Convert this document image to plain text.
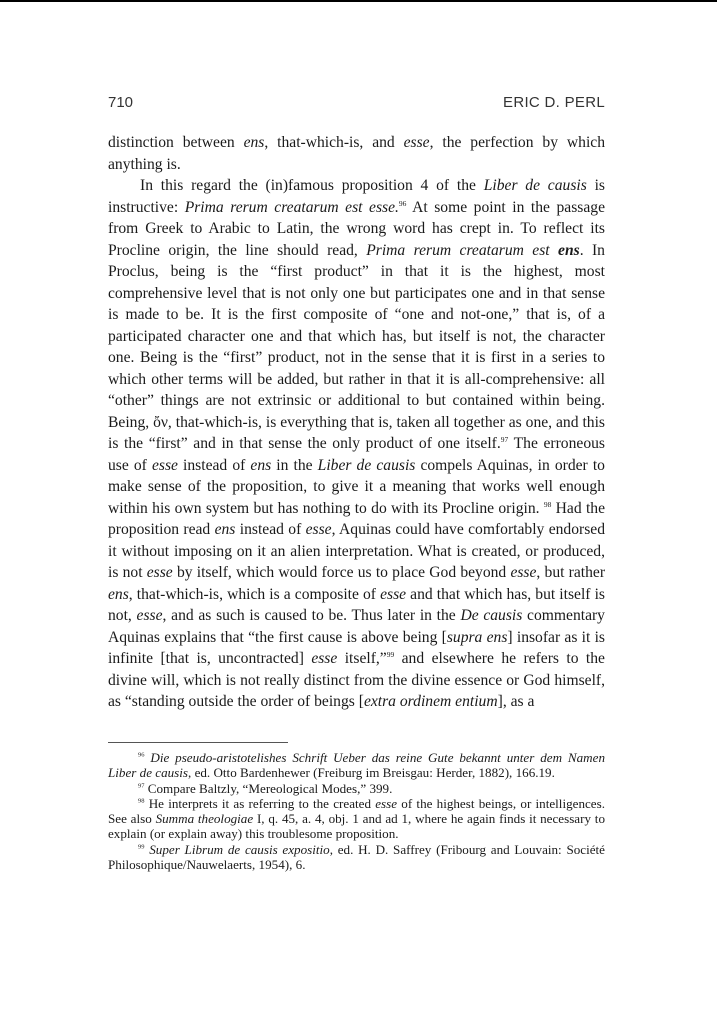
710	ERIC D. PERL

distinction between ens, that-which-is, and esse, the perfection by which anything is.

In this regard the (in)famous proposition 4 of the Liber de causis is instructive: Prima rerum creatarum est esse.$^{96}$ At some point in the passage from Greek to Arabic to Latin, the wrong word has crept in. To reflect its Procline origin, the line should read, Prima rerum creatarum est ens. In Proclus, being is the “first product” in that it is the highest, most comprehensive level that is not only one but participates one and in that sense is made to be. It is the first composite of “one and not-one,” that is, of a participated character one and that which has, but itself is not, the character one. Being is the “first” product, not in the sense that it is first in a series to which other terms will be added, but rather in that it is all-comprehensive: all “other” things are not extrinsic or additional to but contained within being. Being, ὄν, that-which-is, is everything that is, taken all together as one, and this is the “first” and in that sense the only product of one itself.$^{97}$ The erroneous use of esse instead of ens in the Liber de causis compels Aquinas, in order to make sense of the proposition, to give it a meaning that works well enough within his own system but has nothing to do with its Procline origin. $^{98}$ Had the proposition read ens instead of esse, Aquinas could have comfortably endorsed it without imposing on it an alien interpretation. What is created, or produced, is not esse by itself, which would force us to place God beyond esse, but rather ens, that-which-is, which is a composite of esse and that which has, but itself is not, esse, and as such is caused to be. Thus later in the De causis commentary Aquinas explains that “the first cause is above being [supra ens] insofar as it is infinite [that is, uncontracted] esse itself,”$^{99}$ and elsewhere he refers to the divine will, which is not really distinct from the divine essence or God himself, as “standing outside the order of beings [extra ordinem entium], as a

$^{96}$ Die pseudo-aristotelishes Schrift Ueber das reine Gute bekannt unter dem Namen Liber de causis, ed. Otto Bardenhewer (Freiburg im Breisgau: Herder, 1882), 166.19.

$^{97}$ Compare Baltzly, “Mereological Modes,” 399.

$^{98}$ He interprets it as referring to the created esse of the highest beings, or intelligences. See also Summa theologiae I, q. 45, a. 4, obj. 1 and ad 1, where he again finds it necessary to explain (or explain away) this troublesome proposition.

$^{99}$ Super Librum de causis expositio, ed. H. D. Saffrey (Fribourg and Louvain: Société Philosophique/Nauwelaerts, 1954), 6.
